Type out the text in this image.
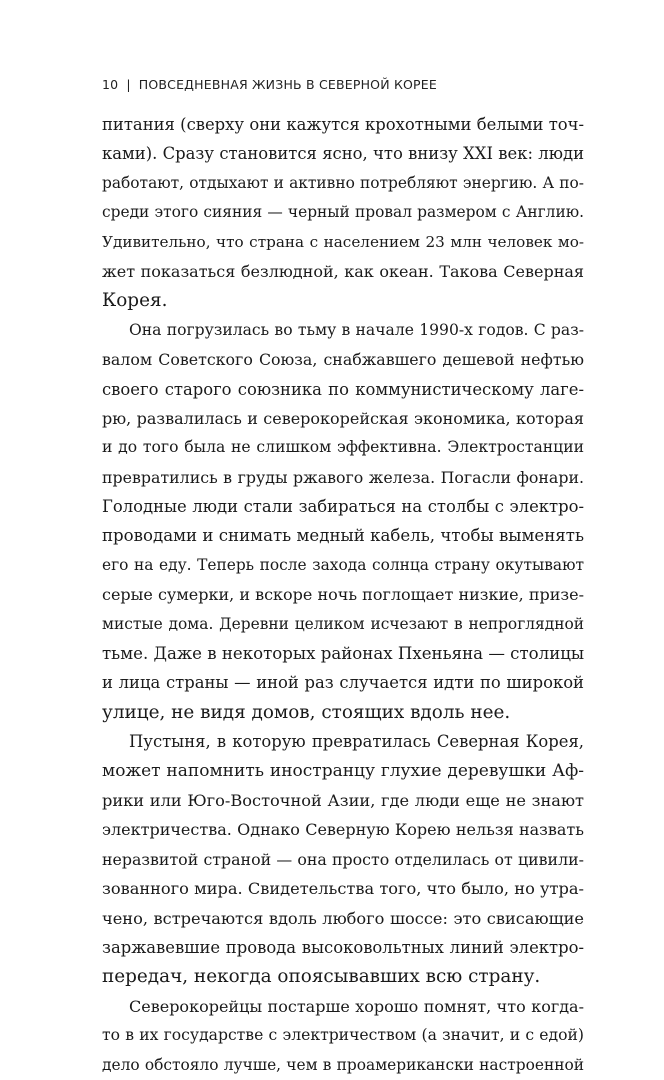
10 | ПОВСЕДНЕВНАЯ ЖИЗНЬ В СЕВЕРНОЙ КОРЕЕ
питания (сверху они кажутся крохотными белыми точ-
ками). Сразу становится ясно, что внизу XXI век: люди
работают, отдыхают и активно потребляют энергию. А по-
среди этого сияния — черный провал размером с Англию.
Удивительно, что страна с населением 23 млн человек мо-
жет показаться безлюдной, как океан. Такова Северная
Корея.
Она погрузилась во тьму в начале 1990-х годов. С раз-
валом Советского Союза, снабжавшего дешевой нефтью
своего старого союзника по коммунистическому лаге-
рю, развалилась и северокорейская экономика, которая
и до того была не слишком эффективна. Электростанции
превратились в груды ржавого железа. Погасли фонари.
Голодные люди стали забираться на столбы с электро-
проводами и снимать медный кабель, чтобы выменять
его на еду. Теперь после захода солнца страну окутывают
серые сумерки, и вскоре ночь поглощает низкие, призе-
мистые дома. Деревни целиком исчезают в непроглядной
тьме. Даже в некоторых районах Пхеньяна — столицы
и лица страны — иной раз случается идти по широкой
улице, не видя домов, стоящих вдоль нее.
Пустыня, в которую превратилась Северная Корея,
может напомнить иностранцу глухие деревушки Аф-
рики или Юго-Восточной Азии, где люди еще не знают
электричества. Однако Северную Корею нельзя назвать
неразвитой страной — она просто отделилась от цивили-
зованного мира. Свидетельства того, что было, но утра-
чено, встречаются вдоль любого шоссе: это свисающие
заржавевшие провода высоковольтных линий электро-
передач, некогда опоясывавших всю страну.
Северокорейцы постарше хорошо помнят, что когда-
то в их государстве с электричеством (а значит, и с едой)
дело обстояло лучше, чем в проамерикански настроенной
